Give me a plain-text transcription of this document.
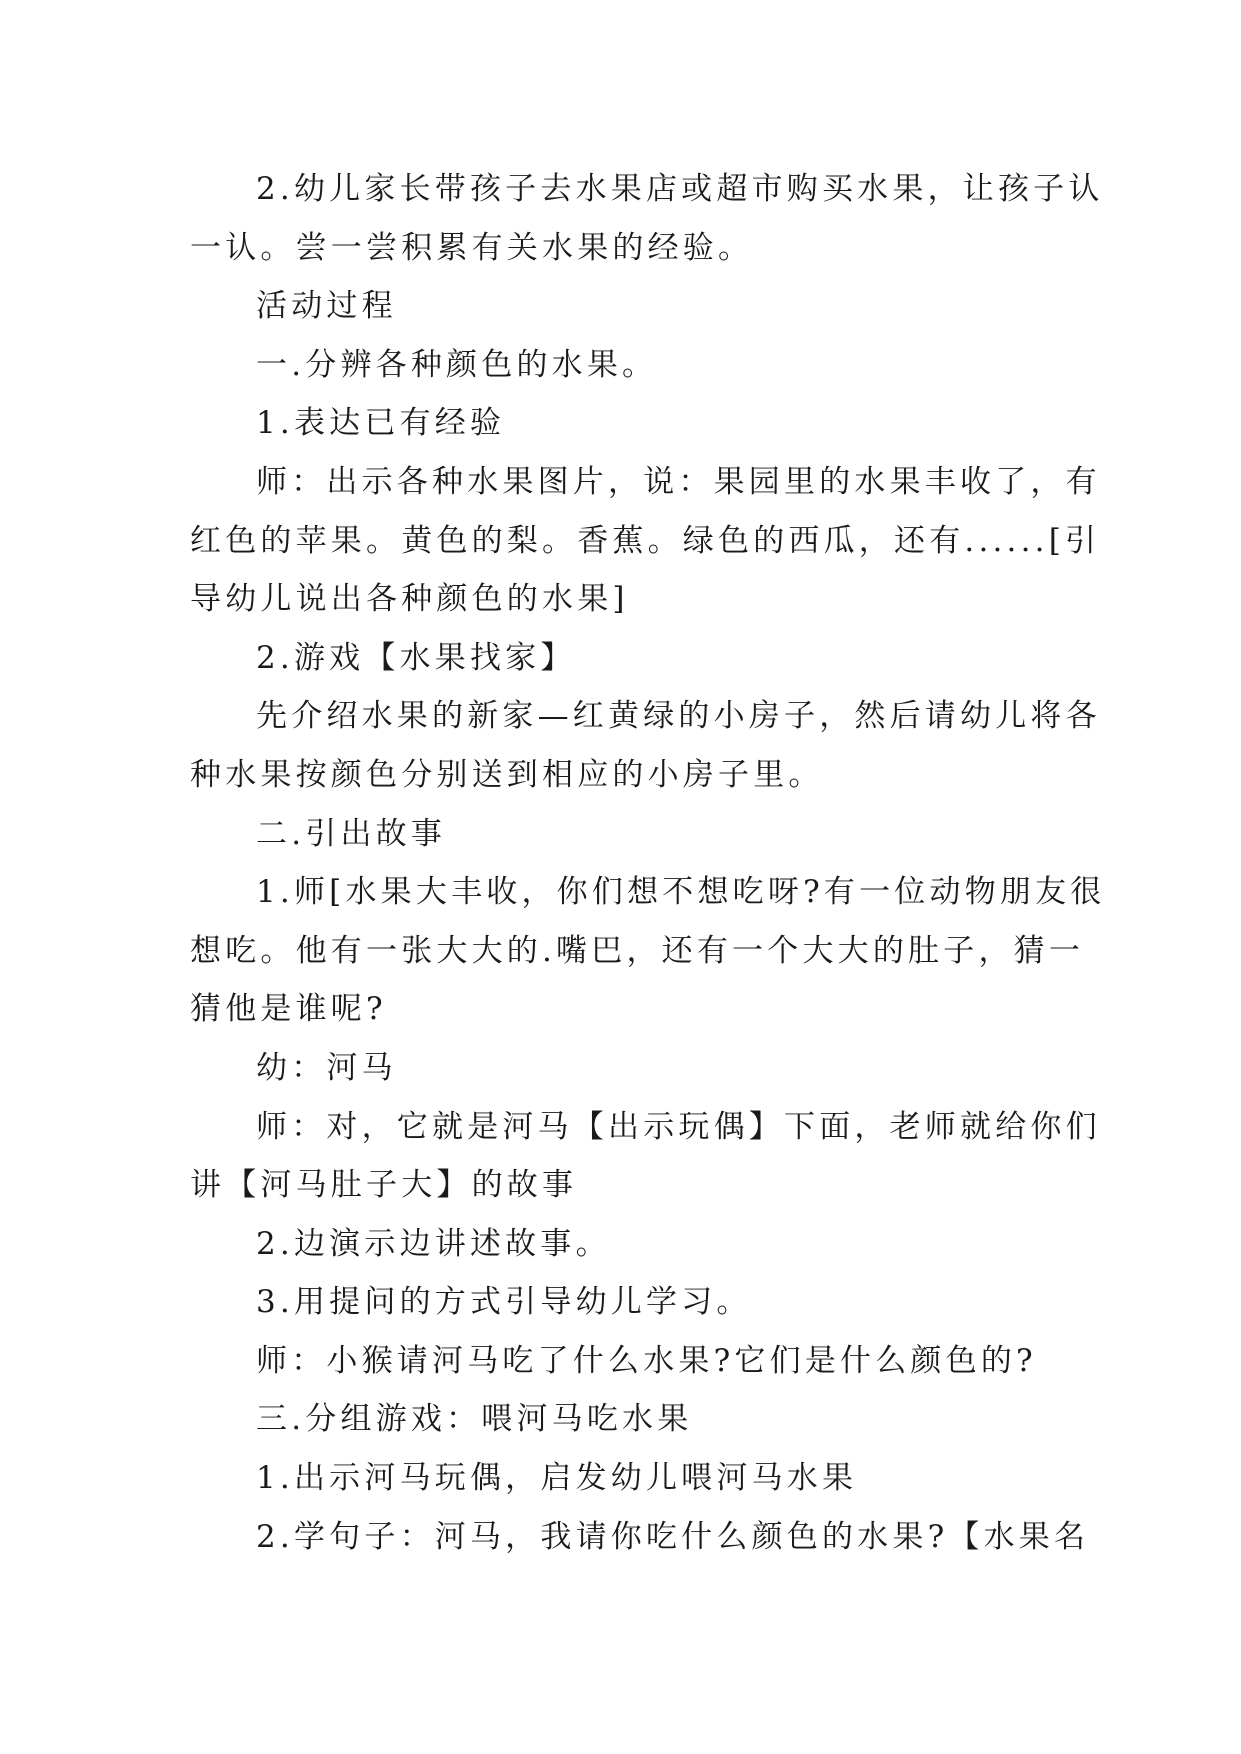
2.幼儿家长带孩子去水果店或超市购买水果，让孩子认
一认。尝一尝积累有关水果的经验。
活动过程
一.分辨各种颜色的水果。
1.表达已有经验
师：出示各种水果图片，说：果园里的水果丰收了，有
红色的苹果。黄色的梨。香蕉。绿色的西瓜，还有......[引
导幼儿说出各种颜色的水果]
2.游戏【水果找家】
先介绍水果的新家—红黄绿的小房子，然后请幼儿将各
种水果按颜色分别送到相应的小房子里。
二.引出故事
1.师[水果大丰收，你们想不想吃呀?有一位动物朋友很
想吃。他有一张大大的.嘴巴，还有一个大大的肚子，猜一
猜他是谁呢?
幼：河马
师：对，它就是河马【出示玩偶】下面，老师就给你们
讲【河马肚子大】的故事
2.边演示边讲述故事。
3.用提问的方式引导幼儿学习。
师：小猴请河马吃了什么水果?它们是什么颜色的?
三.分组游戏：喂河马吃水果
1.出示河马玩偶，启发幼儿喂河马水果
2.学句子：河马，我请你吃什么颜色的水果?【水果名
